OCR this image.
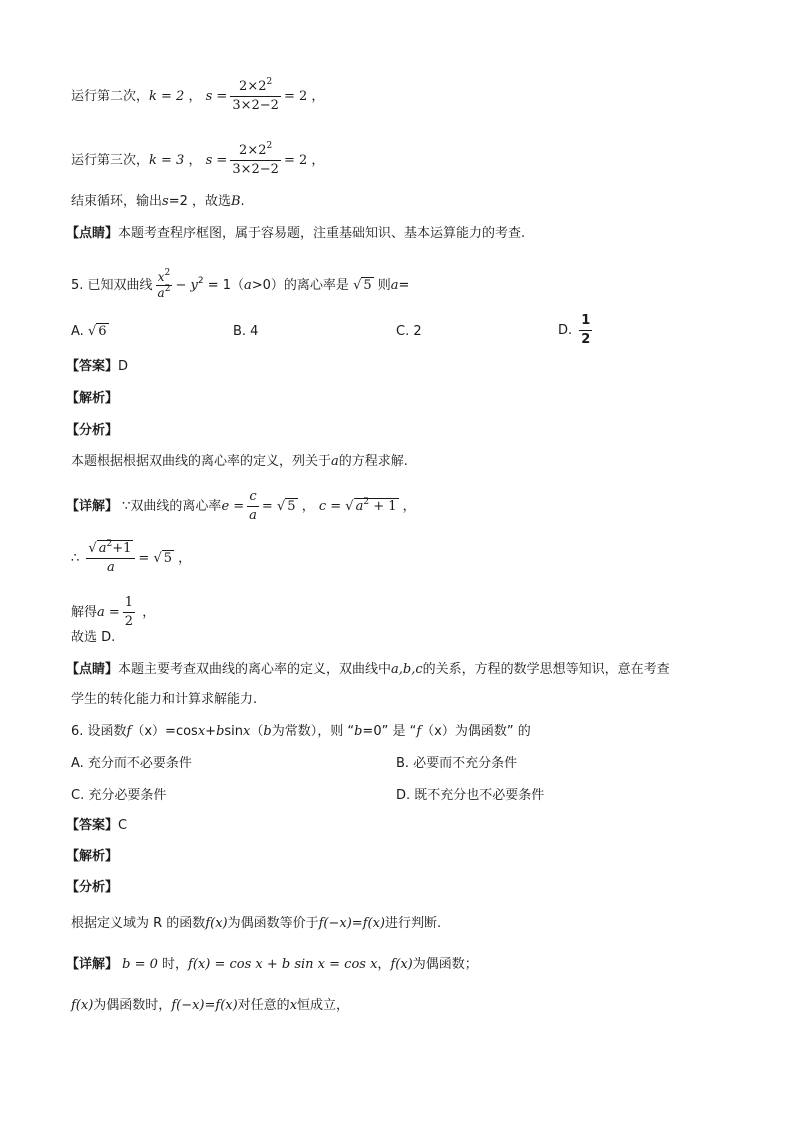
运行第二次，k = 2 ， $s = \frac{2\times 2^2}{3\times 2-2} = 2$ ，
运行第三次，k = 3 ， $s = \frac{2\times 2^2}{3\times 2-2} = 2$ ，
结束循环，输出s=2 ，故选B.
【点睛】本题考查程序框图，属于容易题，注重基础知识、基本运算能力的考查.
5. 已知双曲线 $\frac{x^2}{a^2} - y^2 = 1(a>0)$的离心率是 √ 5 则a=
A. √ 6	B. 4	C. 2	D. $\frac{1}{2}$
【答案】D
【解析】
【分析】
本题根据根据双曲线的离心率的定义，列关于a的方程求解.
【详解】 ∵双曲线的离心率$e = \frac{c}{a}$ = √ 5 ， c = √ $a^2 + 1$ ，
∴ $\frac{√ a^2+1}{a}$ = √ 5 ，
解得$a = \frac{1}{2}$ ，
故选 D.
【点睛】本题主要考查双曲线的离心率的定义，双曲线中a,b,c的关系，方程的数学思想等知识，意在考查
学生的转化能力和计算求解能力.
6. 设函数f（x）=cosx+bsinx（b为常数），则 “b=0” 是 “f（x）为偶函数” 的
A. 充分而不必要条件	B. 必要而不充分条件
C. 充分必要条件	D. 既不充分也不必要条件
【答案】C
【解析】
【分析】
根据定义域为 R 的函数f(x)为偶函数等价于f(−x)=f(x)进行判断.
【详解】 b = 0 时，f(x) = cos x + b sin x = cos x，f(x)为偶函数；
f(x)为偶函数时，f(−x)=f(x)对任意的x恒成立，
